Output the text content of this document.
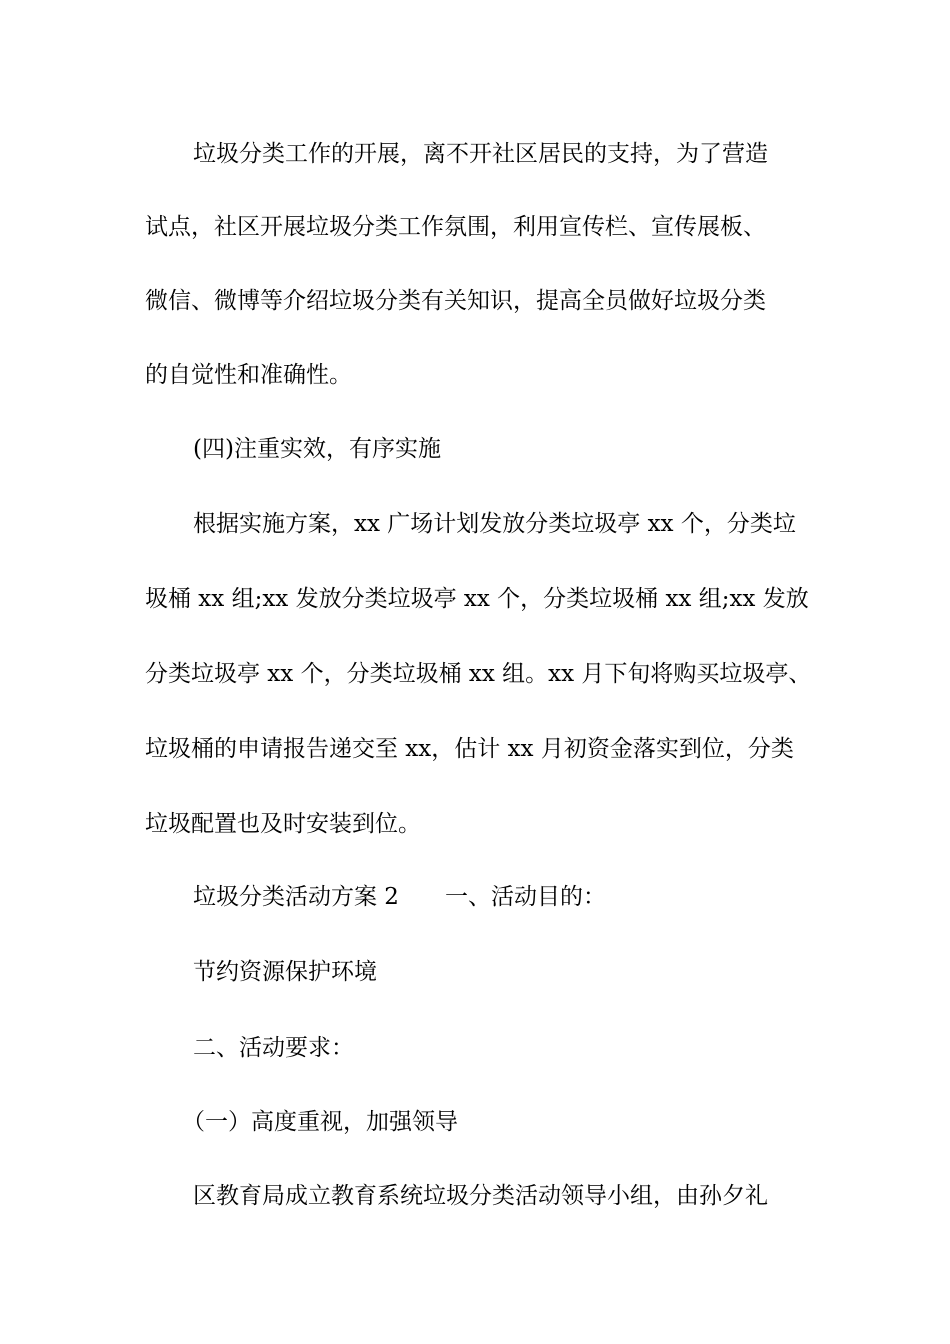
垃圾分类工作的开展，离不开社区居民的支持，为了营造
试点，社区开展垃圾分类工作氛围，利用宣传栏、宣传展板、
微信、微博等介绍垃圾分类有关知识，提高全员做好垃圾分类
的自觉性和准确性。
(四)注重实效，有序实施
根据实施方案，xx 广场计划发放分类垃圾亭 xx 个，分类垃
圾桶 xx 组;xx 发放分类垃圾亭 xx 个，分类垃圾桶 xx 组;xx 发放
分类垃圾亭 xx 个，分类垃圾桶 xx 组。xx 月下旬将购买垃圾亭、
垃圾桶的申请报告递交至 xx，估计 xx 月初资金落实到位，分类
垃圾配置也及时安装到位。
垃圾分类活动方案 2 一、活动目的：
节约资源保护环境
二、活动要求：
（一）高度重视，加强领导
区教育局成立教育系统垃圾分类活动领导小组，由孙夕礼
